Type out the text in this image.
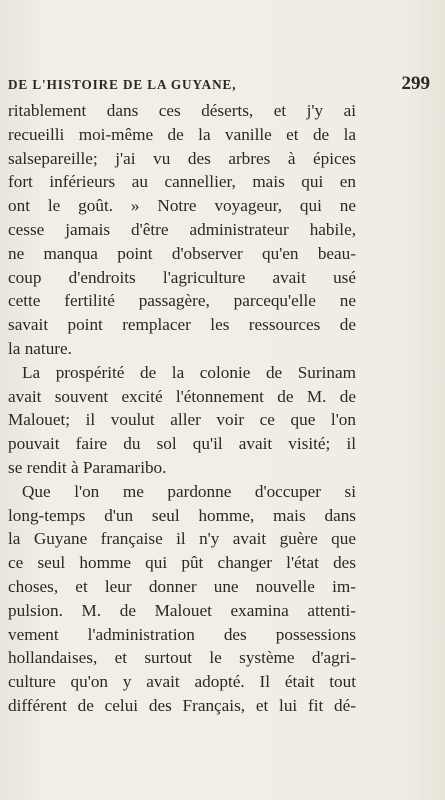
DE L'HISTOIRE DE LA GUYANE,	299
ritablement dans ces déserts, et j'y ai
recueilli moi-même de la vanille et de la
salsepareille; j'ai vu des arbres à épices
fort inférieurs au cannellier, mais qui en
ont le goût. » Notre voyageur, qui ne
cesse jamais d'être administrateur habile,
ne manqua point d'observer qu'en beau-
coup d'endroits l'agriculture avait usé
cette fertilité passagère, parcequ'elle ne
savait point remplacer les ressources de
la nature.
La prospérité de la colonie de Surinam
avait souvent excité l'étonnement de M. de
Malouet; il voulut aller voir ce que l'on
pouvait faire du sol qu'il avait visité; il
se rendit à Paramaribo.
Que l'on me pardonne d'occuper si
long-temps d'un seul homme, mais dans
la Guyane française il n'y avait guère que
ce seul homme qui pût changer l'état des
choses, et leur donner une nouvelle im-
pulsion. M. de Malouet examina attenti-
vement l'administration des possessions
hollandaises, et surtout le système d'agri-
culture qu'on y avait adopté. Il était tout
différent de celui des Français, et lui fit dé-
